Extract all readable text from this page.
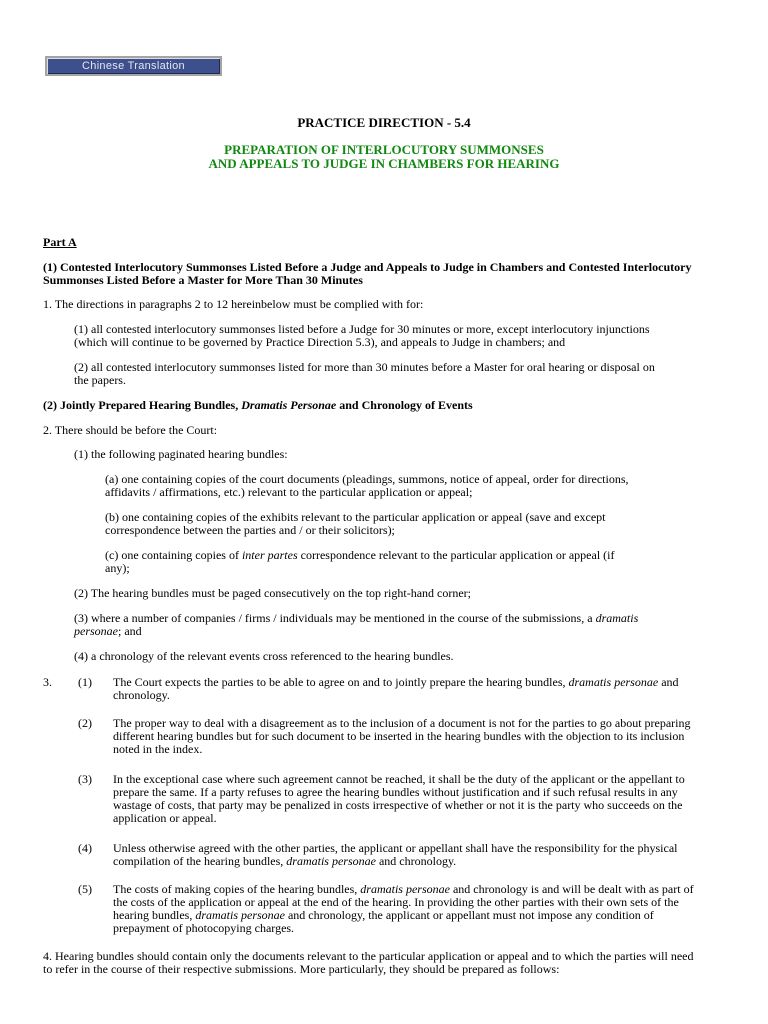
Chinese Translation
PRACTICE DIRECTION - 5.4
PREPARATION OF INTERLOCUTORY SUMMONSES
AND APPEALS TO JUDGE IN CHAMBERS FOR HEARING
Part A
(1) Contested Interlocutory Summonses Listed Before a Judge and Appeals to Judge in Chambers and Contested Interlocutory
Summonses Listed Before a Master for More Than 30 Minutes
1. The directions in paragraphs 2 to 12 hereinbelow must be complied with for:
(1) all contested interlocutory summonses listed before a Judge for 30 minutes or more, except interlocutory injunctions
(which will continue to be governed by Practice Direction 5.3), and appeals to Judge in chambers; and
(2) all contested interlocutory summonses listed for more than 30 minutes before a Master for oral hearing or disposal on
the papers.
(2) Jointly Prepared Hearing Bundles, Dramatis Personae and Chronology of Events
2. There should be before the Court:
(1) the following paginated hearing bundles:
(a) one containing copies of the court documents (pleadings, summons, notice of appeal, order for directions,
affidavits / affirmations, etc.) relevant to the particular application or appeal;
(b) one containing copies of the exhibits relevant to the particular application or appeal (save and except
correspondence between the parties and / or their solicitors);
(c) one containing copies of inter partes correspondence relevant to the particular application or appeal (if
any);
(2) The hearing bundles must be paged consecutively on the top right-hand corner;
(3) where a number of companies / firms / individuals may be mentioned in the course of the submissions, a dramatis
personae; and
(4) a chronology of the relevant events cross referenced to the hearing bundles.
3. (1) The Court expects the parties to be able to agree on and to jointly prepare the hearing bundles, dramatis personae and
chronology.
(2) The proper way to deal with a disagreement as to the inclusion of a document is not for the parties to go about preparing
different hearing bundles but for such document to be inserted in the hearing bundles with the objection to its inclusion
noted in the index.
(3) In the exceptional case where such agreement cannot be reached, it shall be the duty of the applicant or the appellant to
prepare the same. If a party refuses to agree the hearing bundles without justification and if such refusal results in any
wastage of costs, that party may be penalized in costs irrespective of whether or not it is the party who succeeds on the
application or appeal.
(4) Unless otherwise agreed with the other parties, the applicant or appellant shall have the responsibility for the physical
compilation of the hearing bundles, dramatis personae and chronology.
(5) The costs of making copies of the hearing bundles, dramatis personae and chronology is and will be dealt with as part of
the costs of the application or appeal at the end of the hearing. In providing the other parties with their own sets of the
hearing bundles, dramatis personae and chronology, the applicant or appellant must not impose any condition of
prepayment of photocopying charges.
4. Hearing bundles should contain only the documents relevant to the particular application or appeal and to which the parties will need
to refer in the course of their respective submissions. More particularly, they should be prepared as follows:
